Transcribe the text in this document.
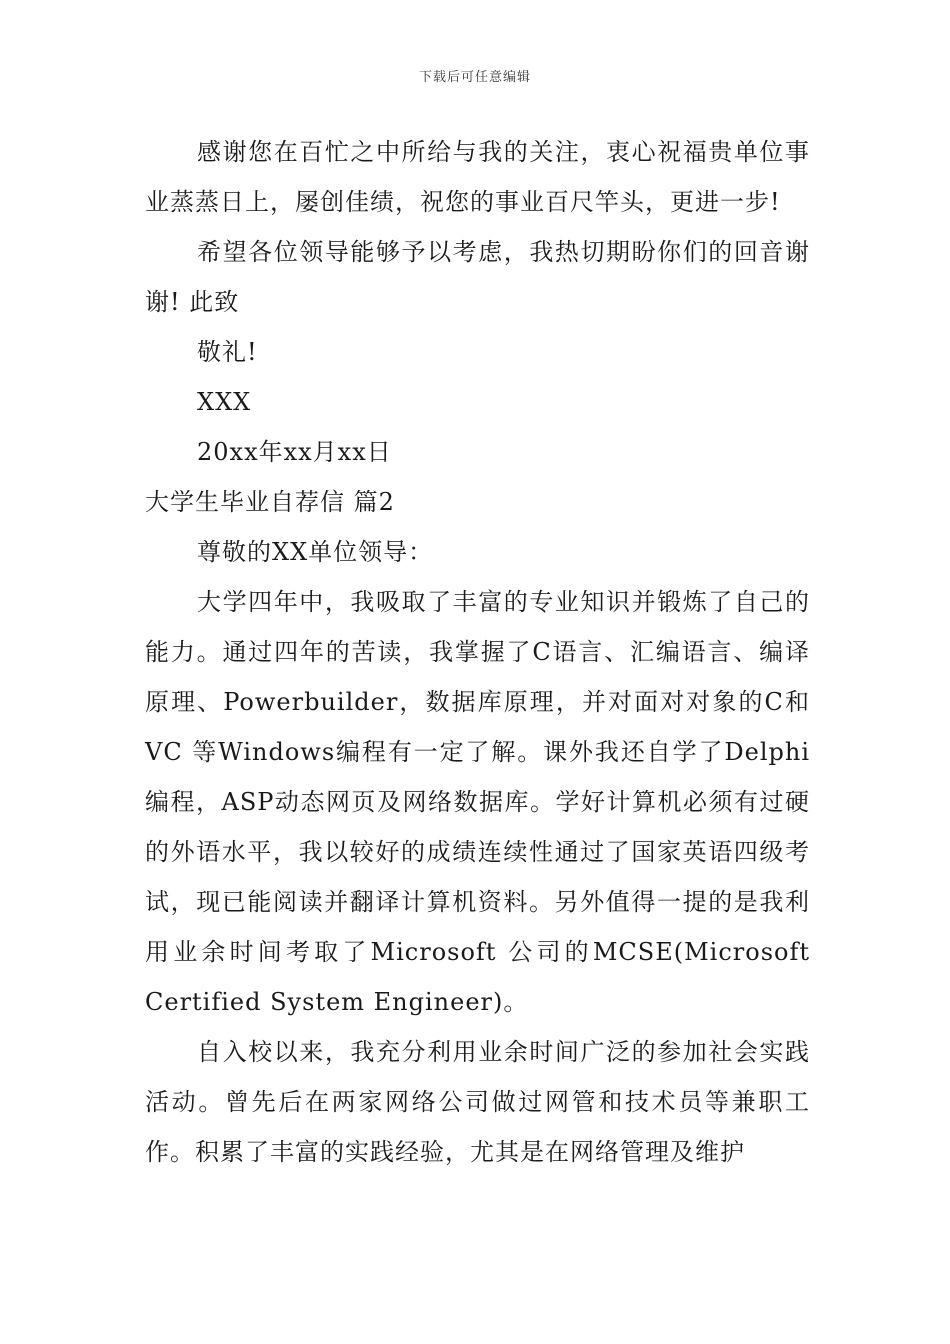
下载后可任意编辑

感谢您在百忙之中所给与我的关注，衷心祝福贵单位事业蒸蒸日上，屡创佳绩，祝您的事业百尺竿头，更进一步!

希望各位领导能够予以考虑，我热切期盼你们的回音谢谢! 此致

敬礼!

XXX

20xx年xx月xx日

大学生毕业自荐信 篇2

尊敬的XX单位领导：

大学四年中，我吸取了丰富的专业知识并锻炼了自己的能力。通过四年的苦读，我掌握了C语言、汇编语言、编译原理、Powerbuilder，数据库原理，并对面对对象的C和VC 等Windows编程有一定了解。课外我还自学了Delphi编程，ASP动态网页及网络数据库。学好计算机必须有过硬的外语水平，我以较好的成绩连续性通过了国家英语四级考试，现已能阅读并翻译计算机资料。另外值得一提的是我利用业余时间考取了Microsoft 公司的MCSE(Microsoft Certified System Engineer)。

自入校以来，我充分利用业余时间广泛的参加社会实践活动。曾先后在两家网络公司做过网管和技术员等兼职工作。积累了丰富的实践经验，尤其是在网络管理及维护
